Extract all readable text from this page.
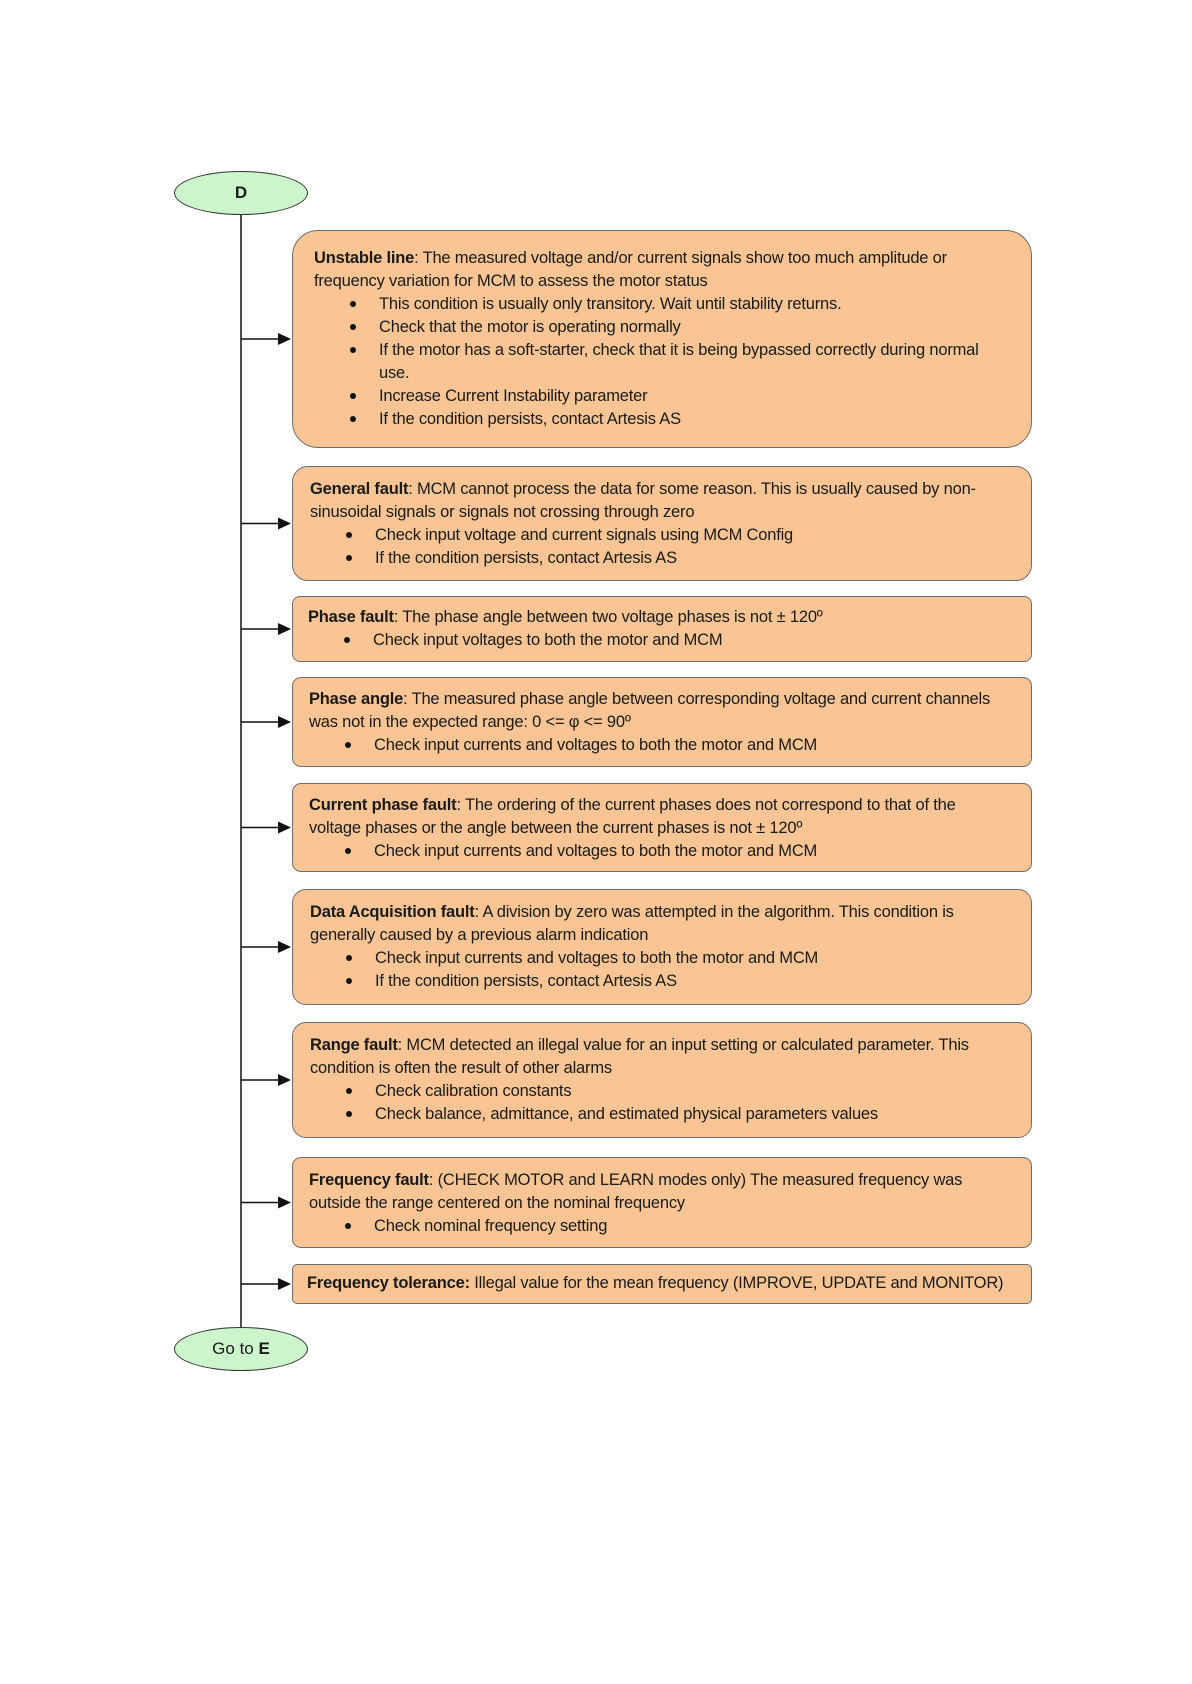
D
Unstable line: The measured voltage and/or current signals show too much amplitude or frequency variation for MCM to assess the motor status
This condition is usually only transitory. Wait until stability returns.
Check that the motor is operating normally
If the motor has a soft-starter, check that it is being bypassed correctly during normal use.
Increase Current Instability parameter
If the condition persists, contact Artesis AS
General fault: MCM cannot process the data for some reason. This is usually caused by non-sinusoidal signals or signals not crossing through zero
Check input voltage and current signals using MCM Config
If the condition persists, contact Artesis AS
Phase fault: The phase angle between two voltage phases is not ± 120º
Check input voltages to both the motor and MCM
Phase angle: The measured phase angle between corresponding voltage and current channels was not in the expected range: 0 <= φ <= 90º
Check input currents and voltages to both the motor and MCM
Current phase fault: The ordering of the current phases does not correspond to that of the voltage phases or the angle between the current phases is not ± 120º
Check input currents and voltages to both the motor and MCM
Data Acquisition fault: A division by zero was attempted in the algorithm. This condition is generally caused by a previous alarm indication
Check input currents and voltages to both the motor and MCM
If the condition persists, contact Artesis AS
Range fault: MCM detected an illegal value for an input setting or calculated parameter. This condition is often the result of other alarms
Check calibration constants
Check balance, admittance, and estimated physical parameters values
Frequency fault: (CHECK MOTOR and LEARN modes only) The measured frequency was outside the range centered on the nominal frequency
Check nominal frequency setting
Frequency tolerance: Illegal value for the mean frequency (IMPROVE, UPDATE and MONITOR)
Go to E
